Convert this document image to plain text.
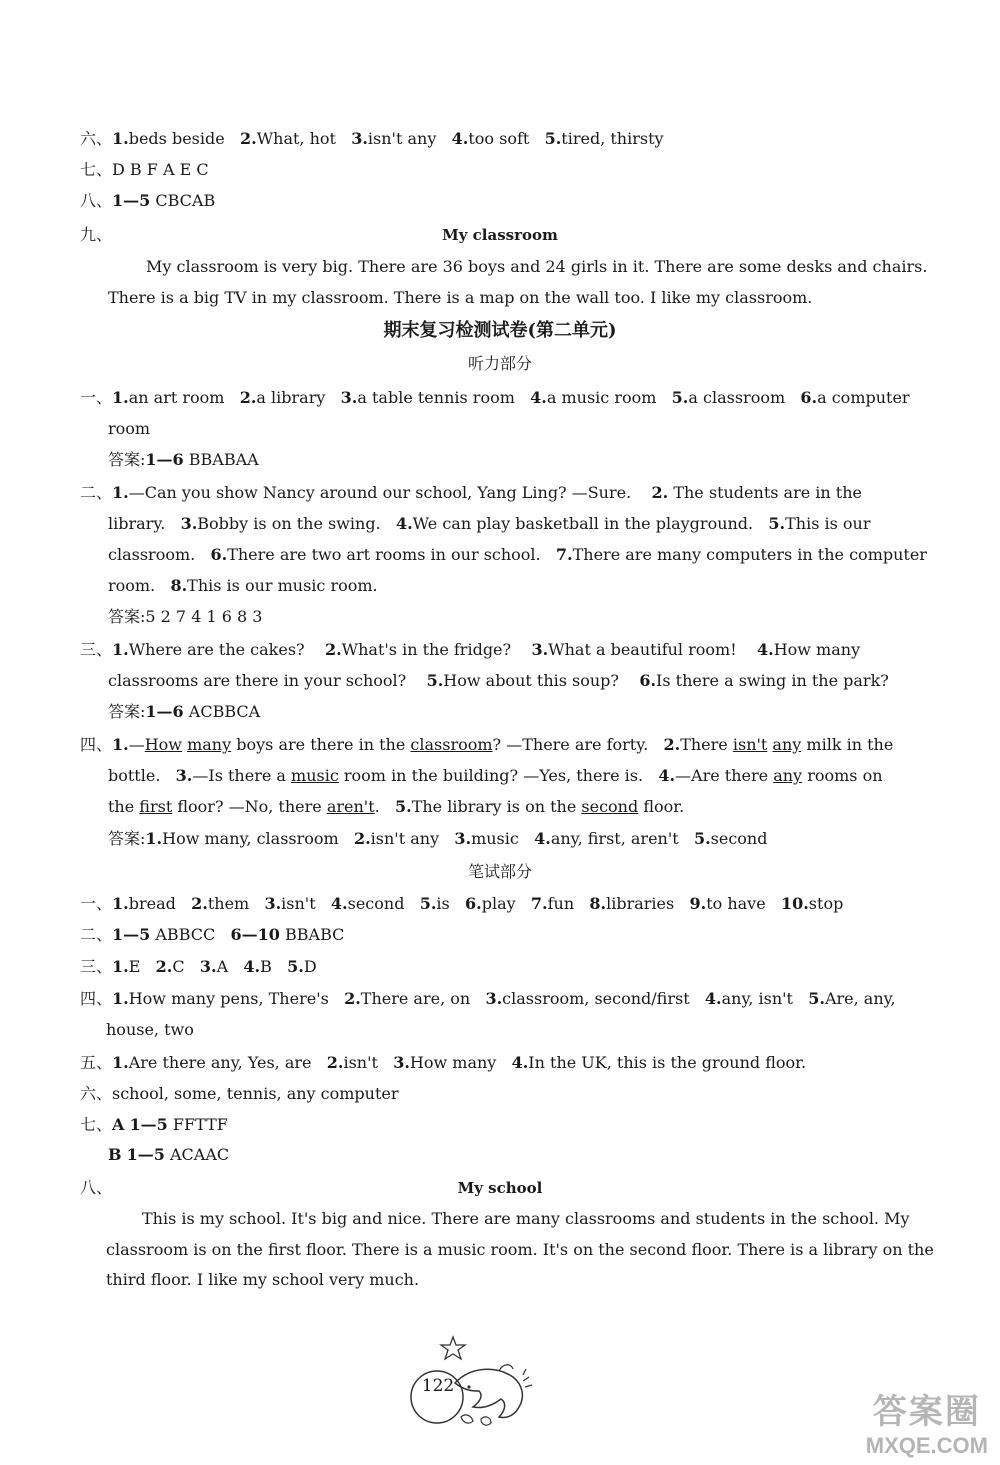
六、1.beds beside 2.What, hot 3.isn't any 4.too soft 5.tired, thirsty
七、D B F A E C
八、1—5 CBCAB
九、	My classroom
My classroom is very big. There are 36 boys and 24 girls in it. There are some desks and chairs.
There is a big TV in my classroom. There is a map on the wall too. I like my classroom.
期末复习检测试卷(第二单元)
听力部分
一、1.an art room 2.a library 3.a table tennis room 4.a music room 5.a classroom 6.a computer
room
答案:1—6 BBABAA
二、1.—Can you show Nancy around our school, Yang Ling? —Sure. 2. The students are in the
library. 3.Bobby is on the swing. 4.We can play basketball in the playground. 5.This is our
classroom. 6.There are two art rooms in our school. 7.There are many computers in the computer
room. 8.This is our music room.
答案:5 2 7 4 1 6 8 3
三、1.Where are the cakes? 2.What's in the fridge? 3.What a beautiful room! 4.How many
classrooms are there in your school? 5.How about this soup? 6.Is there a swing in the park?
答案:1—6 ACBBCA
四、1.—How many boys are there in the classroom? —There are forty. 2.There isn't any milk in the
bottle. 3.—Is there a music room in the building? —Yes, there is. 4.—Are there any rooms on
the first floor? —No, there aren't. 5.The library is on the second floor.
答案:1.How many, classroom 2.isn't any 3.music 4.any, first, aren't 5.second
笔试部分
一、1.bread 2.them 3.isn't 4.second 5.is 6.play 7.fun 8.libraries 9.to have 10.stop
二、1—5 ABBCC 6—10 BBABC
三、1.E 2.C 3.A 4.B 5.D
四、1.How many pens, There's 2.There are, on 3.classroom, second/first 4.any, isn't 5.Are, any,
house, two
五、1.Are there any, Yes, are 2.isn't 3.How many 4.In the UK, this is the ground floor.
六、school, some, tennis, any computer
七、A 1—5 FFTTF
B 1—5 ACAAC
八、	My school
This is my school. It's big and nice. There are many classrooms and students in the school. My
classroom is on the first floor. There is a music room. It's on the second floor. There is a library on the
third floor. I like my school very much.
122
答案圈
MXQE.COM
